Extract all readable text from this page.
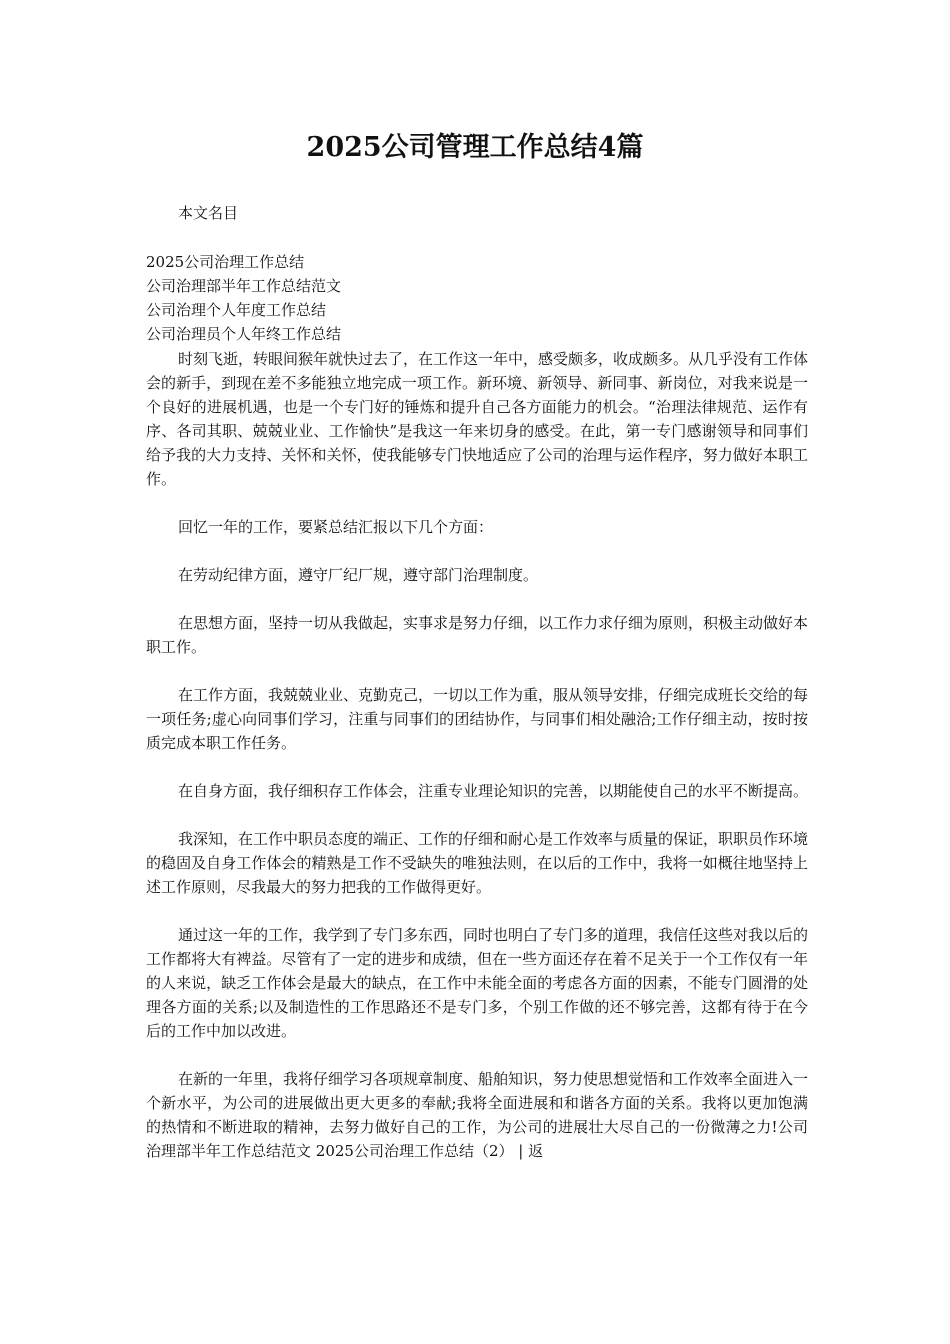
2025公司管理工作总结4篇
本文名目
2025公司治理工作总结
公司治理部半年工作总结范文
公司治理个人年度工作总结
公司治理员个人年终工作总结

时刻飞逝，转眼间猴年就快过去了，在工作这一年中，感受颇多，收成颇多。从几乎没有工作体会的新手，到现在差不多能独立地完成一项工作。新环境、新领导、新同事、新岗位，对我来说是一个良好的进展机遇，也是一个专门好的锤炼和提升自己各方面能力的机会。“治理法律规范、运作有序、各司其职、兢兢业业、工作愉快”是我这一年来切身的感受。在此，第一专门感谢领导和同事们给予我的大力支持、关怀和关怀，使我能够专门快地适应了公司的治理与运作程序，努力做好本职工作。

回忆一年的工作，要紧总结汇报以下几个方面：

在劳动纪律方面，遵守厂纪厂规，遵守部门治理制度。

在思想方面，坚持一切从我做起，实事求是努力仔细，以工作力求仔细为原则，积极主动做好本职工作。

在工作方面，我兢兢业业、克勤克己，一切以工作为重，服从领导安排，仔细完成班长交给的每一项任务;虚心向同事们学习，注重与同事们的团结协作，与同事们相处融洽;工作仔细主动，按时按质完成本职工作任务。

在自身方面，我仔细积存工作体会，注重专业理论知识的完善，以期能使自己的水平不断提高。

我深知，在工作中职员态度的端正、工作的仔细和耐心是工作效率与质量的保证，职职员作环境的稳固及自身工作体会的精熟是工作不受缺失的唯独法则，在以后的工作中，我将一如概往地坚持上述工作原则，尽我最大的努力把我的工作做得更好。

通过这一年的工作，我学到了专门多东西，同时也明白了专门多的道理，我信任这些对我以后的工作都将大有裨益。尽管有了一定的进步和成绩，但在一些方面还存在着不足关于一个工作仅有一年的人来说，缺乏工作体会是最大的缺点，在工作中未能全面的考虑各方面的因素，不能专门圆滑的处理各方面的关系;以及制造性的工作思路还不是专门多，个别工作做的还不够完善，这都有待于在今后的工作中加以改进。

在新的一年里，我将仔细学习各项规章制度、船舶知识，努力使思想觉悟和工作效率全面进入一个新水平，为公司的进展做出更大更多的奉献;我将全面进展和和谐各方面的关系。我将以更加饱满的热情和不断进取的精神，去努力做好自己的工作，为公司的进展壮大尽自己的一份微薄之力!公司治理部半年工作总结范文 2025公司治理工作总结（2） | 返
